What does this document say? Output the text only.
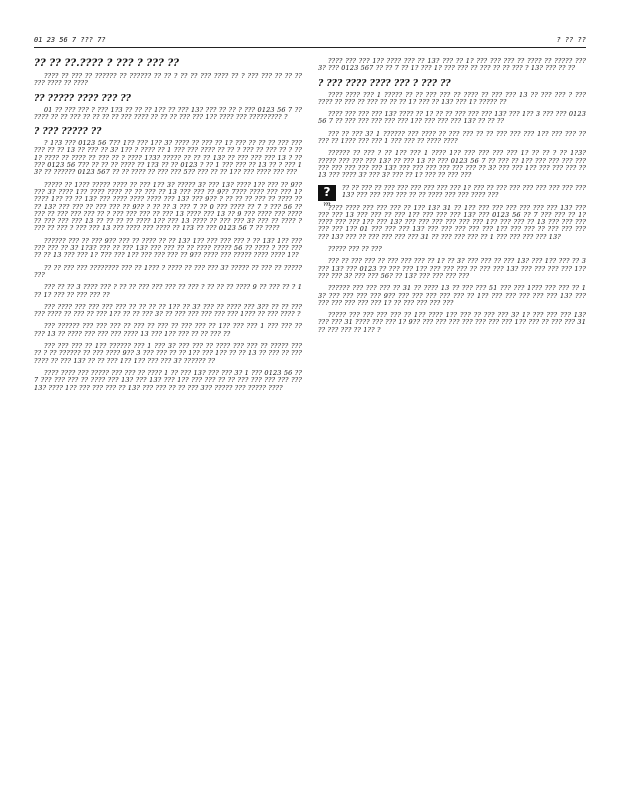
01 23 56 7 ??? 7?	? ?? ??
?? ?? ??.???? ? ??? ? ??? ??
???? ?? ??? ?? ?????? ?? ?????? ?? ?? ? ?? ?? ??? ???? ?? ? ??? ??? ?? ?? ?? ??? ???? ?? ????
?? ????? ???? ??? ??
01 ?? ??? ??? ? ??? 1?3 ?? ?? ?? 1?? ?? ??? 13? ??? ?? ?? ? ??? 0123 56 7 ?? ???? ?? ?? ??? ?? ?? ?? ?? ??? ???? ?? ?? ?? ??? ??? 1?? ???? ??? ????????? ?
? ??? ????? ??
? 1?3 ??? 0123 56 7?? 1?? ??? 1?? 3? ???? ?? ??? ?? 1? ??? ?? ?? ?? ??? ??? ??? ?? ?? 13 ?? ??? ?? 3? 1?? ? ???? ?? 1 ??? ??? ???? ?? ?? ? ??? ?? ??? ?? ? ?? 1? ???? ?? ???? ?? ??? ?? ? ???? 1?3? ????? ?? ?? ?? 13? ?? ??? ??? ??? 13 ? ?? ??? 0123 56 7?? ?? ?? ?? ???? ?? 1?3 ?? ?? 0123 ? ?? 1 ??? ??? ?? 13 ?? ? ??? 13? ?? ?????? 0123 567 ?? ?? ???? ?? ??? ??? 5?? ??? ?? ?? 1?? ??? ???? ??? ???
????? ?? 1??? ????? ???? ?? ??? 1?? 3? ????? 3? ??? 13? ???? 1?? ??? ?? 9?? ??? 3? ???? 1?? ???? ???? ?? ?? ??? ?? 13 ??? ??? ?? 9?? 7??? ???? ??? ??? 1? ???? 1?? ?? ?? 13? ??? ???? ???? ???? ??? 13? ??? 9?? ? ?? ?? ?? ??? ?? ???? ?? ?? 13? ??? ??? ?? ??? ??? ?? 9?? ? ?? ?? 3 ??? 7 ?? 0 ??? ???? ?? 7 ? ??? 56 ?? ??? ?? ??? ??? ??? ?? ? ??? ??? ??? ?? ??? 13 ???? ??? 13 ?? 9 ??? ???? ??? ???? ?? ??? ??? ??? 13 ?? ?? ?? ?? ???? 1?? ??? 13 ???? ?? ??? ??? 3? ??? ?? ???? ? ??? ?? ??? ? ??? ??? 13 ??? ???? ??? ???? ?? 1?3 ?? ??? 0123 56 7 ?? ????
?????? ??? ?? ??? 9?? ??? ?? ???? ?? ?? 13? 1?? ??? ??? ??? ? ?? 13? 1?? ??? ??? ??? ?? 3? 1?3? ??? ?? ??? 13? ??? ??? ?? ?? ???? ????? 56 ?? ???? ? ??? ??? ?? ?? 13 ??? ??? 1? 7?? ??? 1?? ??? ??? ??? ?? 9?? ???? ??? ????? ???? ???? 1??
?? ?? ??? ??? ???????? ??? ?? 1??? ? ???? ?? ??? ??? 3? ????? ?? ??? ?? ????? ???
??? ?? ?? 3 ???? ??? ? ?? ?? ??? ??? ??? ?? ??? ? ?? ?? ?? ???? 9 ?? ??? ?? ? 1 ?? 1? ??? ?? ??? ??? ??
??? ???? ??? ??? ??? ??? ?? ?? ?? ?? 1?? ?? 3? ??? ?? ???? ??? 3?? ?? ?? ??? ??? ???? ?? ??? ?? ??? 1?? ?? ?? ??? 3? ?? ??? ??? ??? ??? ??? 1??? ?? ??? ???? ?
??? ?????? ??? ??? ??? ?? ??? ?? ??? ?? ??? ??? ?? 1?? ??? ??? 1 ??? ??? ?? ??? 13 ?? ???? ??? ??? ??? ???? 13 ??? 1?? ??? ?? ?? ??? ??
??? ??? ??? ?? 1?? ?????? ??? 1 ??? 3? ??? ??? ?? ???? ??? ??? ?? ????? ??? ?? ? ?? ?????? ?? ??? ???? 9?? 3 ??? ??? ?? ?? 1?? ??? 1?? ?? ?? 13 ?? ??? ?? ??? ???? ?? ??? 13? ?? ?? ??? 1?? 1?? ??? ??? 3? ?????? ??
???? ???? ??? ????? ??? ??? ?? ???? 1 ?? ??? 13? ??? ??? 3? 1 ??? 0123 56 ?? 7 ??? ??? ??? ?? ???? ??? 13? ??? 13? ??? 1?? ??? ??? ?? ?? ??? ??? ??? ??? ??? 13? ???? 1?? ??? ??? ??? ?? 13? ??? ??? ?? ?? ??? 3?? ????? ??? ????? ????
???? ??? ??? 1?? ???? ??? ?? 13? ??? ?? 1? ??? ??? ??? ?? ???? ?? ????? ??? 3? ??? 0123 567 ?? ?? 7 ?? 1? ??? 1? ??? ??? ?? ??? ?? ?? ??? ? 13? ??? ?? ??
? ??? ???? ???? ??? ? ??? ??
???? ???? ??? 1 ????? ?? ?? ??? ??? ?? ???? ?? ??? ??? 13 ?? ??? ??? ? ??? ???? ?? ??? ?? ??? ?? ?? ?? 1? ??? ?? 13? ??? 1? ????? ??
???? ??? ??? ??? 13? ???? ?? 1? ?? ?? ??? ??? ??? 13? ??? 1?? 3 ??? ??? 0123 56 7 ?? ??? ??? ??? ??? ??? 1?? ??? ??? ??? 13? ?? ?? ??
??? ?? ??? 3? 1 ?????? ??? ???? ?? ??? ??? ?? ?? ??? ??? ??? 1?? ??? ??? ?? ??? ?? 1??? ??? ??? 1 ??? ??? ?? ???? ????
?????? ?? ??? ? ?? 1?? ??? 1 ???? 1?? ??? ??? ??? ??? 1? ?? ?? ? ?? 1?3? ????? ??? ??? ??? 13? ?? ??? 13 ?? ??? 0123 56 7 ?? ??? ?? 1?? ??? ??? ??? ??? ??? ??? ??? ??? ??? 13? ??? ??? ??? ??? ??? ??? ?? 3? ??? ??? 1?? ??? ??? ??? ?? 13 ??? ???? 3? ??? 3? ??? ?? 1? ??? ?? ??? ???
?
?? ?? ???
?? ?? ??? ?? ??? ??? ??? ??? ??? ??? 1? ??? ?? ??? ??? ??? ??? ??? ??? ??? 13? ??? ??? ??? ??? ?? ?? ???? ??? ??? ???? ???
???? ???? ??? ??? ??? ?? 1?? 13? 31 ?? 1?? ??? ??? ??? ??? ??? ??? 13? ??? ??? ??? 13 ??? ??? ?? ??? 1?? ??? ??? ??? 13? ??? 0123 56 ?? 7 ??? ??? ?? 1? ???? ??? ??? 1?? ??? 13? ??? ??? ??? ??? ??? ??? 1?? ??? ??? ?? 13 ??? ??? ??? ??? ??? 1?? 01 ??? ??? ??? 13? ??? ??? ??? ??? ??? 1?? ??? ??? ?? ??? ??? ??? ??? 13? ??? ?? ??? ??? ??? ??? 31 ?? ??? ??? ??? ?? 1 ??? ??? ??? ??? 13?
????? ??? ?? ???
??? ?? ??? ??? ?? ??? ??? ??? ?? 1? ?? 3? ??? ??? ?? ??? 13? ??? 1?? ??? ?? 3 ??? 13? ??? 0123 ?? ??? ??? 1?? ??? ??? ??? ?? ??? ??? 13? ??? ??? ??? ??? 1?? ??? ??? 3? ??? ??? 56? ?? 13? ??? ??? ??? ???
?????? ??? ??? ??? ?? 31 ?? ???? 13 ?? ??? ??? 51 ??? ??? 1??? ??? ??? ?? 13? ??? ??? ??? ??? 9?? ??? ??? ??? ??? ??? ?? 1?? ??? ??? ??? ??? ??? 13? ??? ??? ??? ??? ??? ??? 1? ?? ??? ??? ??? ???
????? ??? ??? ??? ??? ?? 1?? ???? 1?? ??? ?? ??? ??? 3? 1? ??? ??? ??? 13? ??? ??? 31 ???? ??? ??? 1? 9?? ??? ??? ??? ??? ??? ??? ??? 1?? ??? ?? ??? ??? 31 ?? ??? ??? ?? 1?? ?
